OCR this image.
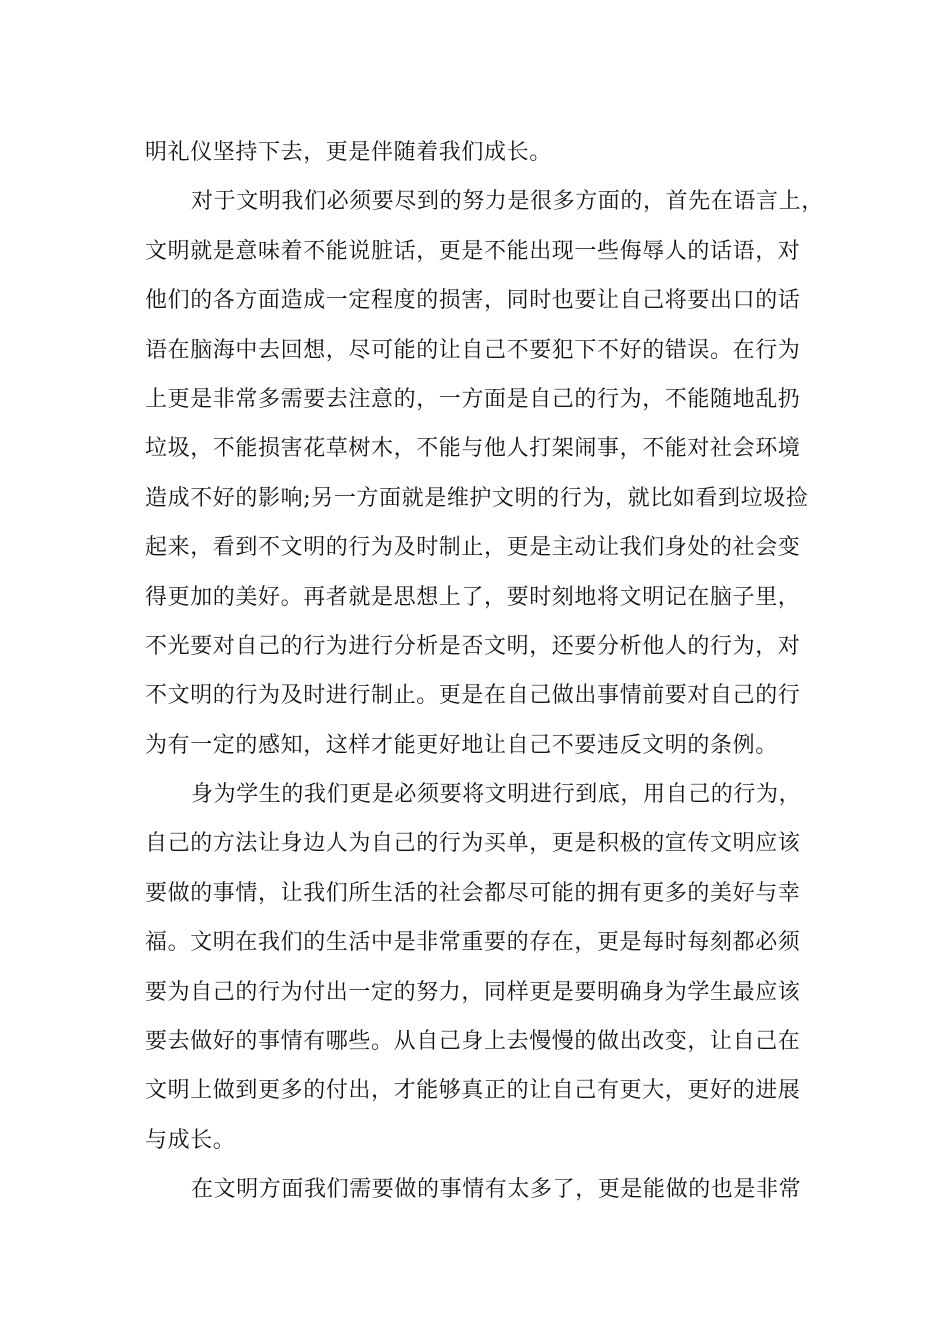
明礼仪坚持下去，更是伴随着我们成长。
对于文明我们必须要尽到的努力是很多方面的，首先在语言上，
文明就是意味着不能说脏话，更是不能出现一些侮辱人的话语，对
他们的各方面造成一定程度的损害，同时也要让自己将要出口的话
语在脑海中去回想，尽可能的让自己不要犯下不好的错误。在行为
上更是非常多需要去注意的，一方面是自己的行为，不能随地乱扔
垃圾，不能损害花草树木，不能与他人打架闹事，不能对社会环境
造成不好的影响;另一方面就是维护文明的行为，就比如看到垃圾捡
起来，看到不文明的行为及时制止，更是主动让我们身处的社会变
得更加的美好。再者就是思想上了，要时刻地将文明记在脑子里，
不光要对自己的行为进行分析是否文明，还要分析他人的行为，对
不文明的行为及时进行制止。更是在自己做出事情前要对自己的行
为有一定的感知，这样才能更好地让自己不要违反文明的条例。
身为学生的我们更是必须要将文明进行到底，用自己的行为，
自己的方法让身边人为自己的行为买单，更是积极的宣传文明应该
要做的事情，让我们所生活的社会都尽可能的拥有更多的美好与幸
福。文明在我们的生活中是非常重要的存在，更是每时每刻都必须
要为自己的行为付出一定的努力，同样更是要明确身为学生最应该
要去做好的事情有哪些。从自己身上去慢慢的做出改变，让自己在
文明上做到更多的付出，才能够真正的让自己有更大，更好的进展
与成长。
在文明方面我们需要做的事情有太多了，更是能做的也是非常
